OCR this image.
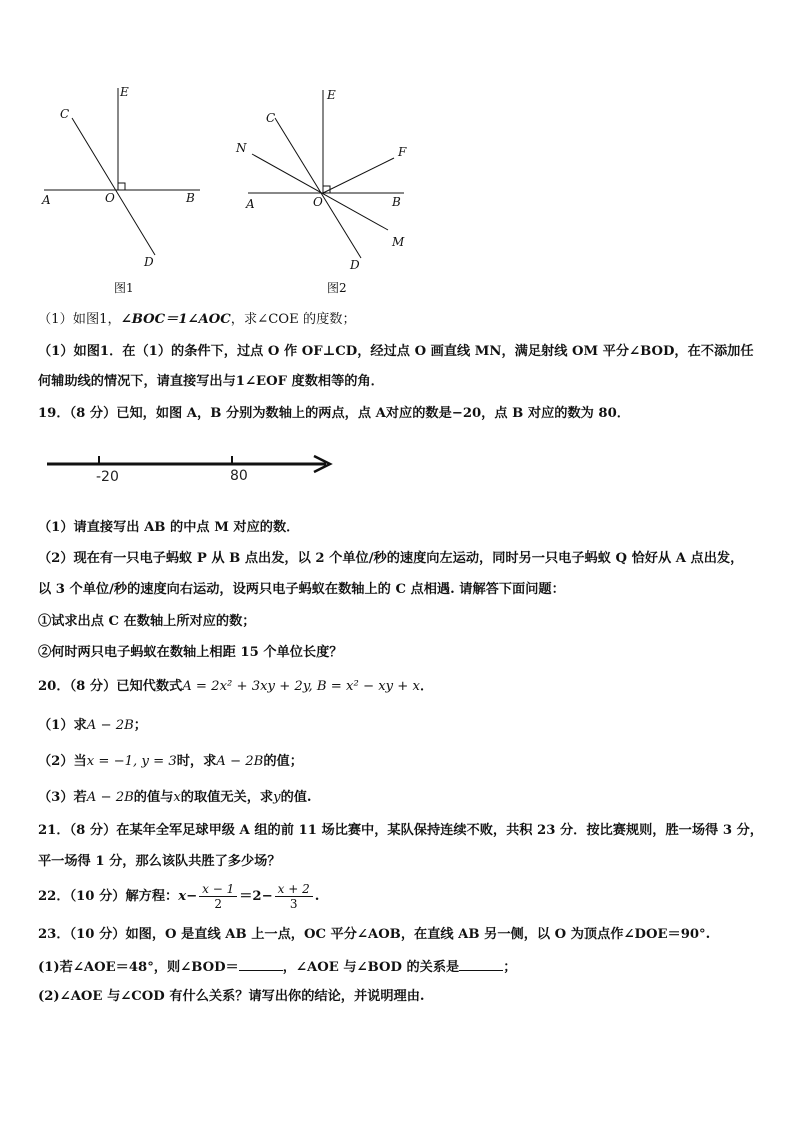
E
C
A	O	B
D
图1
E
C
N	F
A	O	B
M
D
图2
（1）如图1，∠BOC＝1∠AOC，求∠COE 的度数；
（1）如图1．在（1）的条件下，过点 O 作 OF⊥CD，经过点 O 画直线 MN，满足射线 OM 平分∠BOD，在不添加任
何辅助线的情况下，请直接写出与1∠EOF 度数相等的角．
19．（8 分）已知，如图 A，B 分别为数轴上的两点，点 A对应的数是−20，点 B 对应的数为 80．
-20	80
（1）请直接写出 AB 的中点 M 对应的数．
（2）现在有一只电子蚂蚁 P 从 B 点出发，以 2 个单位/秒的速度向左运动，同时另一只电子蚂蚁 Q 恰好从 A 点出发，
以 3 个单位/秒的速度向右运动，设两只电子蚂蚁在数轴上的 C 点相遇. 请解答下面问题：
①试求出点 C 在数轴上所对应的数；
②何时两只电子蚂蚁在数轴上相距 15 个单位长度？
20．（8 分）已知代数式A = 2x² + 3xy + 2y, B = x² − xy + x．
（1）求A − 2B；
（2）当x = −1, y = 3时，求A − 2B的值；
（3）若A − 2B的值与x的取值无关，求y的值.
21．（8 分）在某年全军足球甲级 A 组的前 11 场比赛中，某队保持连续不败，共积 23 分．按比赛规则，胜一场得 3 分，
平一场得 1 分，那么该队共胜了多少场？
22．（10 分）解方程：$x- \frac{x - 1}{2} =2- \frac{x + 2}{3}$ .
23．（10 分）如图，O 是直线 AB 上一点，OC 平分∠AOB，在直线 AB 另一侧，以 O 为顶点作∠DOE＝90°.
(1)若∠AOE＝48°，则∠BOD＝	，∠AOE 与∠BOD 的关系是	；
(2)∠AOE 与∠COD 有什么关系？请写出你的结论，并说明理由.
